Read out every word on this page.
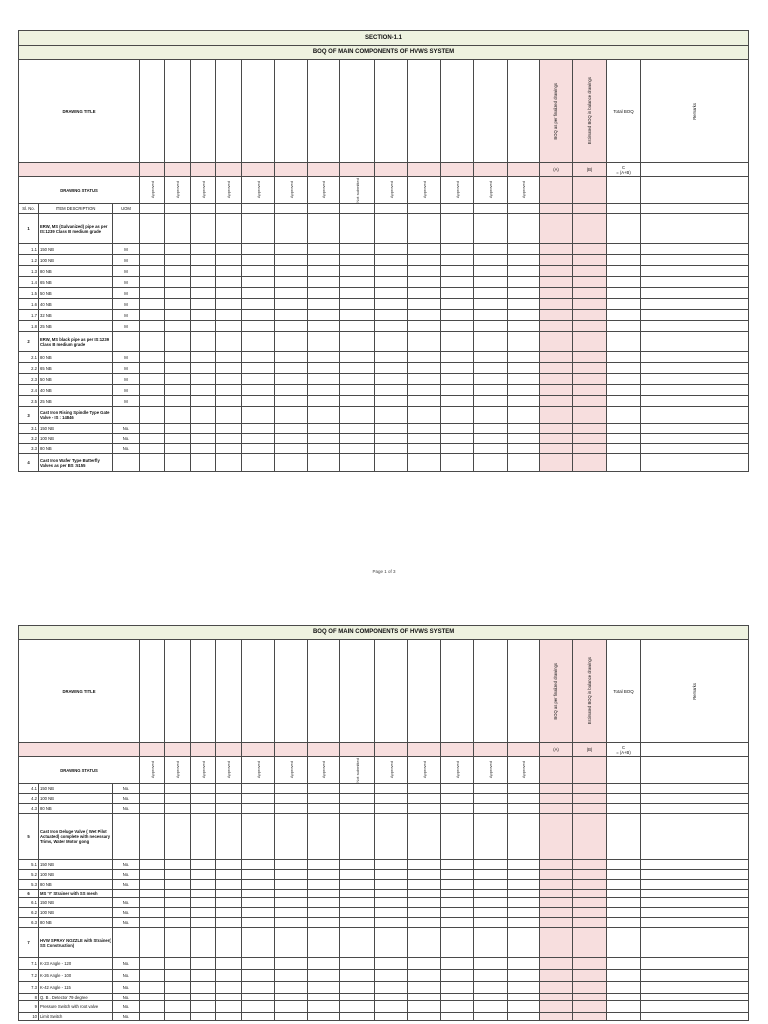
SECTION-1.1																			
BOQ OF MAIN COMPONENTS OF HVWS SYSTEM																			
DRAWING TITLE																BOQ as per finalized drawings	Estimated BOQ in balance drawings	Total BOQ	Remarks

																(A)	(B)	C
= (A+B)	

DRAWING STATUS			Approved	Approved	Approved	Approved	Approved	Approved	Approved	Not submitted	Approved	Approved	Approved	Approved	Approved				

Sl. No.	ITEM DESCRIPTION	UOM																	
1	ERW, MS (Galvanized) pipe as per IS:1239 Class B medium grade																		
1.1	150 NB	M																	
1.2	100 NB	M																	
1.3	80 NB	M																	
1.4	65 NB	M																	
1.5	50 NB	M																	
1.6	40 NB	M																	
1.7	32 NB	M																	
1.8	25 NB	M																	
2	ERW, MS black pipe as per IS:1239 Class B medium grade																		
2.1	80 NB	M																	
2.2	65 NB	M																	
2.3	50 NB	M																	
2.4	40 NB	M																	
2.5	25 NB	M																	
3	Cast Iron Rising Spindle Type Gate Valve - IS : 14846																		
3.1	150 NB	No.																	
3.2	100 NB	No.																	
3.3	80 NB	No.																	
4	Cast Iron Wafer Type Butterfly Valves as per BS :5155																		
Page 1 of 3
BOQ OF MAIN COMPONENTS OF HVWS SYSTEM																			
DRAWING TITLE																BOQ as per finalized drawings	Estimated BOQ in balance drawings	Total BOQ	Remarks

																(A)	(B)	C
= (A+B)	

DRAWING STATUS			Approved	Approved	Approved	Approved	Approved	Approved	Approved	Not submitted	Approved	Approved	Approved	Approved	Approved				

4.1	150 NB	No.																	
4.2	100 NB	No.																	
4.3	80 NB	No.																	
5	Cast Iron Deluge Valve ( Wet Pilot Actuated) complete with necessary Trims, Water Motor gong																		
5.1	150 NB	No.																	
5.2	100 NB	No.																	
5.3	80 NB	No.																	
6	MS 'Y' Strainer with SS mesh																		
6.1	150 NB	No.																	
6.2	100 NB	No.																	
6.3	80 NB	No.																	
7	HVW SPRAY NOZZLE with Strainer( SS Construction)																		
7.1	K-23 Angle - 120	No.																	
7.2	K-26 Angle - 100	No.																	
7.3	K-42 Angle - 115	No.																	
8	Q. B . Detector 79 degree	No.																	
9	Pressure Switch with root valve	No.																	
10	Limit Switch	No.																	
